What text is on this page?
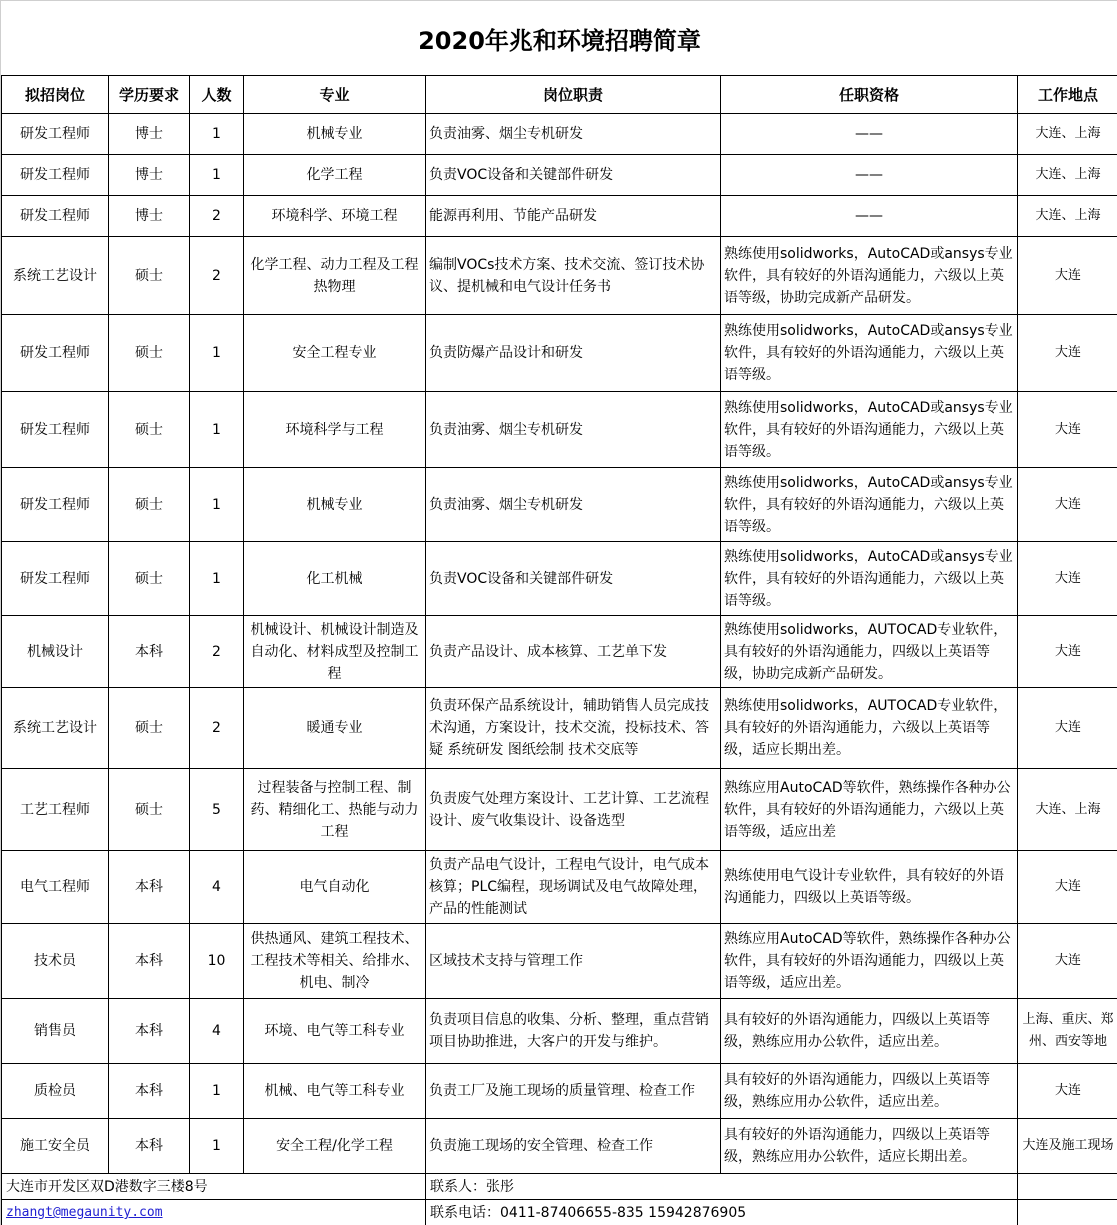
2020年兆和环境招聘简章
拟招岗位	学历要求	人数	专业	岗位职责	任职资格	工作地点
研发工程师	博士	1	机械专业	负责油雾、烟尘专机研发	——	大连、上海
研发工程师	博士	1	化学工程	负责VOC设备和关键部件研发	——	大连、上海
研发工程师	博士	2	环境科学、环境工程	能源再利用、节能产品研发	——	大连、上海
系统工艺设计	硕士	2	化学工程、动力工程及工程热物理	编制VOCs技术方案、技术交流、签订技术协议、提机械和电气设计任务书	熟练使用solidworks，AutoCAD或ansys专业软件，具有较好的外语沟通能力，六级以上英语等级，协助完成新产品研发。	大连
研发工程师	硕士	1	安全工程专业	负责防爆产品设计和研发	熟练使用solidworks，AutoCAD或ansys专业软件，具有较好的外语沟通能力，六级以上英语等级。	大连
研发工程师	硕士	1	环境科学与工程	负责油雾、烟尘专机研发	熟练使用solidworks，AutoCAD或ansys专业软件，具有较好的外语沟通能力，六级以上英语等级。	大连
研发工程师	硕士	1	机械专业	负责油雾、烟尘专机研发	熟练使用solidworks，AutoCAD或ansys专业软件，具有较好的外语沟通能力，六级以上英语等级。	大连
研发工程师	硕士	1	化工机械	负责VOC设备和关键部件研发	熟练使用solidworks，AutoCAD或ansys专业软件，具有较好的外语沟通能力，六级以上英语等级。	大连
机械设计	本科	2	机械设计、机械设计制造及自动化、材料成型及控制工程	负责产品设计、成本核算、工艺单下发	熟练使用solidworks，AUTOCAD专业软件，具有较好的外语沟通能力，四级以上英语等级，协助完成新产品研发。	大连
系统工艺设计	硕士	2	暖通专业	负责环保产品系统设计，辅助销售人员完成技术沟通，方案设计，技术交流，投标技术、答疑 系统研发 图纸绘制 技术交底等	熟练使用solidworks，AUTOCAD专业软件，具有较好的外语沟通能力，六级以上英语等级，适应长期出差。	大连
工艺工程师	硕士	5	过程装备与控制工程、制药、精细化工、热能与动力工程	负责废气处理方案设计、工艺计算、工艺流程设计、废气收集设计、设备选型	熟练应用AutoCAD等软件，熟练操作各种办公软件，具有较好的外语沟通能力，六级以上英语等级，适应出差	大连、上海
电气工程师	本科	4	电气自动化	负责产品电气设计，工程电气设计，电气成本核算；PLC编程，现场调试及电气故障处理，产品的性能测试	熟练使用电气设计专业软件，具有较好的外语沟通能力，四级以上英语等级。	大连
技术员	本科	10	供热通风、建筑工程技术、工程技术等相关、给排水、机电、制冷	区域技术支持与管理工作	熟练应用AutoCAD等软件，熟练操作各种办公软件，具有较好的外语沟通能力，四级以上英语等级，适应出差。	大连
销售员	本科	4	环境、电气等工科专业	负责项目信息的收集、分析、整理，重点营销项目协助推进，大客户的开发与维护。	具有较好的外语沟通能力，四级以上英语等级，熟练应用办公软件，适应出差。	上海、重庆、郑州、西安等地
质检员	本科	1	机械、电气等工科专业	负责工厂及施工现场的质量管理、检查工作	具有较好的外语沟通能力，四级以上英语等级，熟练应用办公软件，适应出差。	大连
施工安全员	本科	1	安全工程/化学工程	负责施工现场的安全管理、检查工作	具有较好的外语沟通能力，四级以上英语等级，熟练应用办公软件，适应长期出差。	大连及施工现场
大连市开发区双D港数字三楼8号				联系人：张彤		
zhangt@megaunity.com				联系电话：0411-87406655-835 15942876905		
